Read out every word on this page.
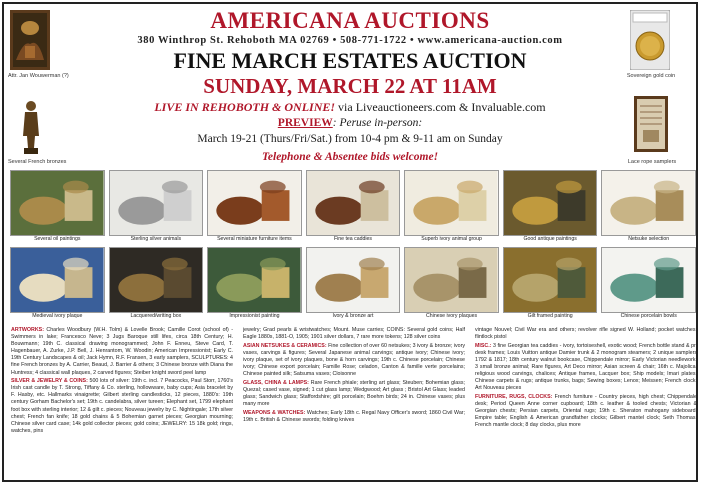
Attr. Jan Wouwerman (?)	Sovereign gold coin
Several French bronzes	Lace rope samplers
AMERICANA AUCTIONS
380 Winthrop St. Rehoboth MA 02769 • 508-771-1722 • www.americana-auction.com
FINE MARCH ESTATES AUCTION
SUNDAY, MARCH 22 AT 11AM
LIVE IN REHOBOTH & ONLINE! via Liveauctioneers.com & Invaluable.com
PREVIEW: Peruse in-person:
March 19-21 (Thurs/Fri/Sat.) from 10-4 pm & 9-11 am on Sunday
Telephone & Absentee bids welcome!
Several oil paintings	Sterling silver animals	Several miniature furniture items	Fine tea caddies	Superb ivory animal group	Good antique paintings	Netsuke selection
Medieval ivory plaque	Lacquered/writing box	Impressionist painting	Ivory & bronze art	Chinese ivory plaques	Gilt framed painting	Chinese porcelain bowls

ARTWORKS: Charles Woodbury (W.H. Tolm) & Lovelle Brook; Camille Corot (school of) - Swimmers in lake; Francesco Neve; 3 Jugs Baroque still lifes, circa 18th Century; H. Bouwmann; 19th C. classical drawing monogrammed; John F. Enneu, Steve Card, T. Hagenbauer, A. Zurke, J.P. Bell, J. Henrantom, W. Woodin; American Impressionist; Early C. 19th Century Landscapes & oil; Jack Hymn, R.F. Fransen, 3 early samplers, SCULPTURES: 4 fine French bronzes by A. Carrier, Beaud, J. Barrier & others; 3 Chinese bronze with Diana the Huntress; 4 classical wall plaques, 2 carved figures; Steiber knight sword peel lamp

SILVER & JEWELRY & COINS: 500 lots of silver: 19th c. incl. 7 Peacocks, Paul Storr, 1760's Irish cast candle by T. Strong, Tiffany & Co. sterling, hollowware, baby cups; Asia bracelet by F. Hasby, etc. Hallmarks vinaigrette; Gilbert sterling candlesticks, 12 pieces, 1880's: 19th century Gorham Bachelor's set; 19th c. candelabra, silver tureen; Elephant set, 1799 elephant foot box with sterling interior; 12 & gilt c. pieces; Nouveau jewelry by C. Nightingale; 17th silver chest; French fan knife; 18 gold chains & 5 Bohemian garnet pieces; Georgian mourning; Chinese silver card case; 14k gold collector pieces; gold coins; JEWELRY: 15 18k gold; rings, watches, pins

jewelry; Grad pearls & wristwatches; Mount. Muse carries; COINS: Several gold coins; Half Eagle 1880s, 1881-O, 1905; 1901 silver dollars, 7 rare more tokens; 128 silver coins

ASIAN NETSUKES & CERAMICS: Fine collection of over 60 netsukes; 3 ivory & bronze; ivory vases, carvings & figures; Several Japanese animal carvings; antique ivory; Chinese ivory; ivory plaque, set of ivory plaques, bone & horn carvings; 19th c. Chinese porcelain; Chinese ivory; Chinese export porcelain; Famille Rose; celadon, Canton & famille verte porcelains; Chinese painted silk; Satsuma vases; Cloisonne

GLASS, CHINA & LAMPS: Rare French phiale; sterling art glass; Steuben; Bohemian glass; Quezal; cased vase, signed; 1 cut glass lamp; Wedgwood; Art glass ; Bristol Art Glass; leaded glass; Sandwich glass; Staffordshire; gilt porcelain; Boehm birds; 24 in. Chinese vases; plus many more

WEAPONS & WATCHES: Watches; Early 18th c. Regal Navy Officer's sword; 1860 Civil War; 19th c. British & Chinese swords; folding knives

vintage Nouvel; Civil War era and others; revolver rifle signed W. Holland; pocket watches; flintlock pistol

MISC.: 3 fine Georgian tea caddies - ivory, tortoiseshell, exotic wood; French bottle stand & pr. desk frames; Louis Vuitton antique Damier trunk & 2 monogram steamers; 2 unique samplers 1792 & 1817; 18th century walnut bookcase, Chippendale mirror; Early Victorian needlework; 3 small bronze animal; Rare figures, Art Deco mirror; Asian screen & chair; 16th c. Majolica; religious wood carvings, chalices; Antique frames, Lacquer box; Ship models; Imari plates; Chinese carpets & rugs; antique trunks, bags; Sewing boxes; Lenox; Meissen; French clock; Art Nouveau pieces

FURNITURE, RUGS, CLOCKS: French furniture - Country pieces, high chest; Chippendale desk; Period Queen Anne corner cupboard; 18th c. leather & tooled chests; Victorian & Georgian chests; Persian carpets, Oriental rugs; 19th c. Sheraton mahogany sideboard; Empire table; English & American grandfather clocks; Gilbert mantel clock; Seth Thomas; French mantle clock; 8 day clocks, plus more
